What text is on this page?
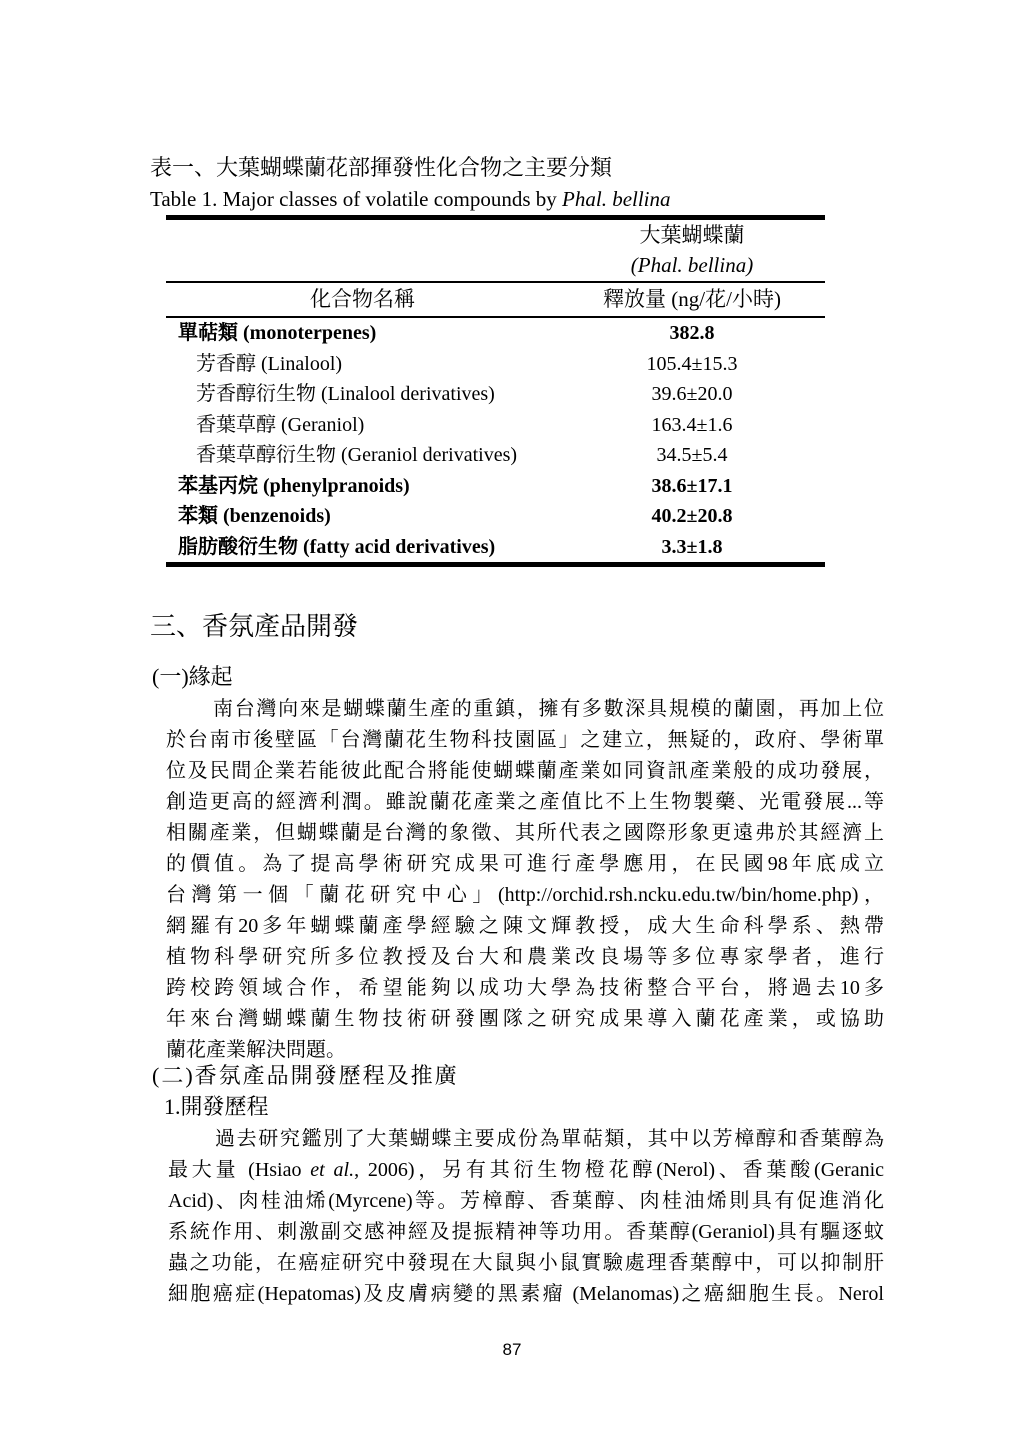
表一、大葉蝴蝶蘭花部揮發性化合物之主要分類
Table 1. Major classes of volatile compounds by Phal. bellina
大葉蝴蝶蘭
(Phal. bellina)
化合物名稱	釋放量 (ng/花/小時)
單萜類 (monoterpenes)	382.8
芳香醇 (Linalool)	105.4±15.3
芳香醇衍生物 (Linalool derivatives)	39.6±20.0
香葉草醇 (Geraniol)	163.4±1.6
香葉草醇衍生物 (Geraniol derivatives)	34.5±5.4
苯基丙烷 (phenylpranoids)	38.6±17.1
苯類 (benzenoids)	40.2±20.8
脂肪酸衍生物 (fatty acid derivatives)	3.3±1.8
三、香氛產品開發
(一)緣起
南台灣向來是蝴蝶蘭生產的重鎮，擁有多數深具規模的蘭園，再加上位
於台南市後壁區「台灣蘭花生物科技園區」之建立，無疑的，政府、學術單
位及民間企業若能彼此配合將能使蝴蝶蘭產業如同資訊產業般的成功發展，
創造更高的經濟利潤。雖說蘭花產業之產值比不上生物製藥、光電發展...等
相關產業，但蝴蝶蘭是台灣的象徵、其所代表之國際形象更遠弗於其經濟上
的價值。為了提高學術研究成果可進行產學應用，在民國98年底成立
台灣第一個「蘭花研究中心」(http://orchid.rsh.ncku.edu.tw/bin/home.php)，
網羅有20多年蝴蝶蘭產學經驗之陳文輝教授，成大生命科學系、熱帶
植物科學研究所多位教授及台大和農業改良場等多位專家學者，進行
跨校跨領域合作，希望能夠以成功大學為技術整合平台，將過去10多
年來台灣蝴蝶蘭生物技術研發團隊之研究成果導入蘭花產業，或協助
蘭花產業解決問題。
(二)香氛產品開發歷程及推廣
1.開發歷程
過去研究鑑別了大葉蝴蝶主要成份為單萜類，其中以芳樟醇和香葉醇為
最大量 (Hsiao et al., 2006)，另有其衍生物橙花醇(Nerol)、香葉酸(Geranic
Acid)、肉桂油烯(Myrcene)等。芳樟醇、香葉醇、肉桂油烯則具有促進消化
系統作用、刺激副交感神經及提振精神等功用。香葉醇(Geraniol)具有驅逐蚊
蟲之功能，在癌症研究中發現在大鼠與小鼠實驗處理香葉醇中，可以抑制肝
細胞癌症(Hepatomas)及皮膚病變的黑素瘤 (Melanomas)之癌細胞生長。Nerol
87
